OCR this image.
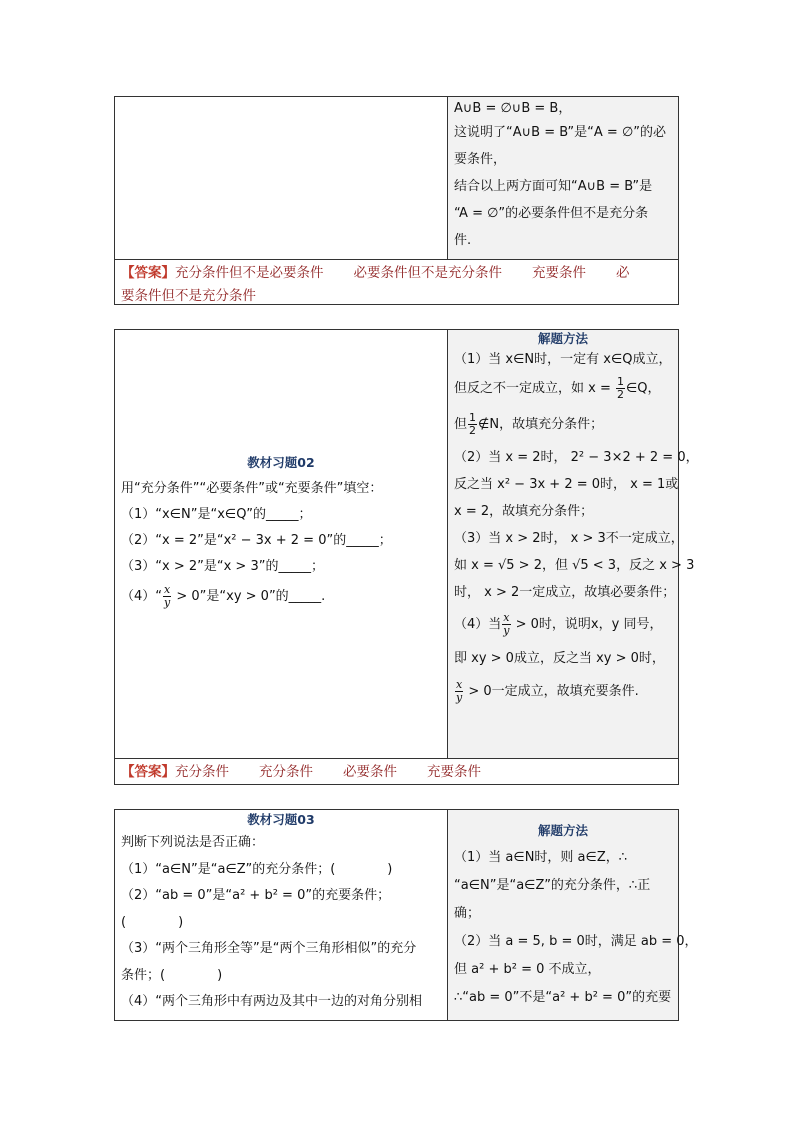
A∪B = ∅∪B = B，
这说明了“A∪B = B”是“A = ∅”的必
要条件，
结合以上两方面可知“A∪B = B”是
“A = ∅”的必要条件但不是充分条
件.
【答案】充分条件但不是必要条件 必要条件但不是充分条件 充要条件 必
要条件但不是充分条件
教材习题02
用“充分条件”“必要条件”或“充要条件”填空：
（1）“x∈N”是“x∈Q”的_____；
（2）“x = 2”是“x² − 3x + 2 = 0”的_____；
（3）“x > 2”是“x > 3”的_____；
（4）“ $\frac{x}{y} > 0$”是“xy > 0”的_____.
解题方法
（1）当 x∈N时，一定有 x∈Q成立，
但反之不一定成立，如 $x = \frac{1}{2}$ ∈Q，
但 $\frac{1}{2}$ ∉N，故填充分条件；
（2）当 x = 2时， 2² − 3×2 + 2 = 0，
反之当 x² − 3x + 2 = 0时， x = 1或
x = 2，故填充分条件；
（3）当 x > 2时， x > 3不一定成立，
如 x = √5 > 2，但 √5 < 3，反之 x > 3
时， x > 2一定成立，故填必要条件；
（4）当 $\frac{x}{y} > 0$时，说明x，y 同号，
即 xy > 0成立，反之当 xy > 0时，
$\frac{x}{y} > 0$一定成立，故填充要条件.
【答案】充分条件 充分条件 必要条件 充要条件
教材习题03
判断下列说法是否正确：
（1）“a∈N”是“a∈Z”的充分条件；(　　　　)
（2）“ab = 0”是“a² + b² = 0”的充要条件；
(　　　　)
（3）“两个三角形全等”是“两个三角形相似”的充分
条件；(　　　　)
（4）“两个三角形中有两边及其中一边的对角分别相
解题方法
（1）当 a∈N时，则 a∈Z，∴
“a∈N”是“a∈Z”的充分条件，∴正
确；
（2）当 a = 5, b = 0时，满足 ab = 0，
但 a² + b² = 0 不成立，
∴“ab = 0”不是“a² + b² = 0”的充要
